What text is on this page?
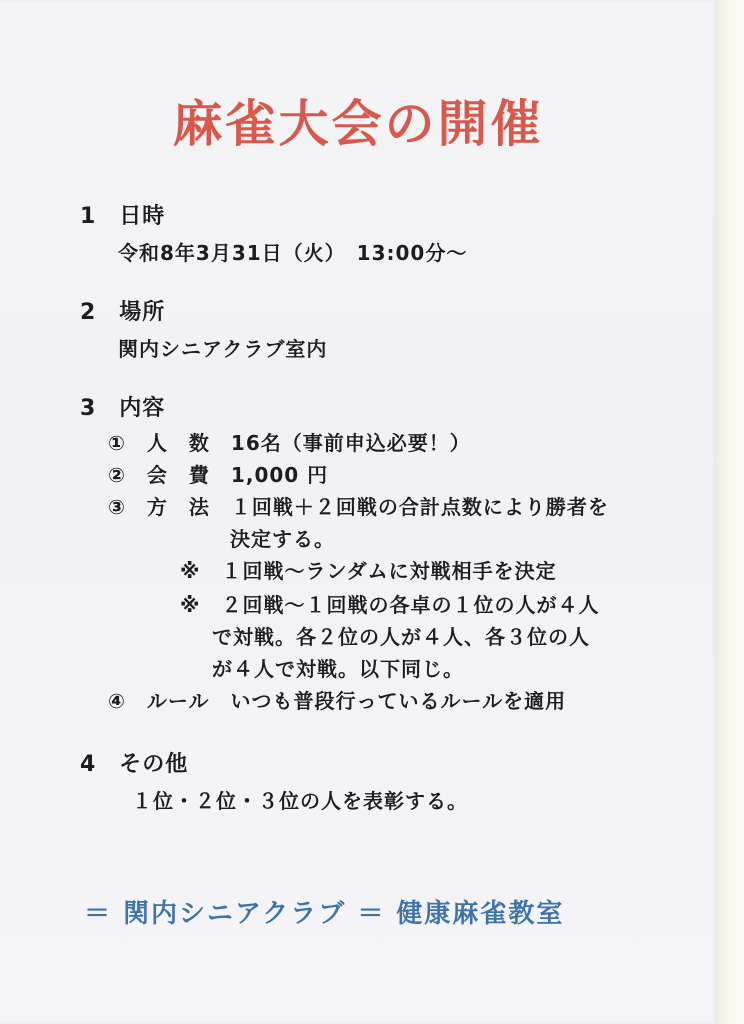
麻雀大会の開催

1　日時

令和8年3月31日（火）　13:00分～

2　場所

関内シニアクラブ室内

3　内容

①　人　数　16名（事前申込必要！）

②　会　費　1,000 円

③　方　法　１回戦＋２回戦の合計点数により勝者を

決定する。

※　１回戦～ランダムに対戦相手を決定

※　２回戦～１回戦の各卓の１位の人が４人

で対戦。各２位の人が４人、各３位の人

が４人で対戦。以下同じ。

④　ルール　いつも普段行っているルールを適用

4　その他

１位・２位・３位の人を表彰する。

＝ 関内シニアクラブ ＝ 健康麻雀教室
